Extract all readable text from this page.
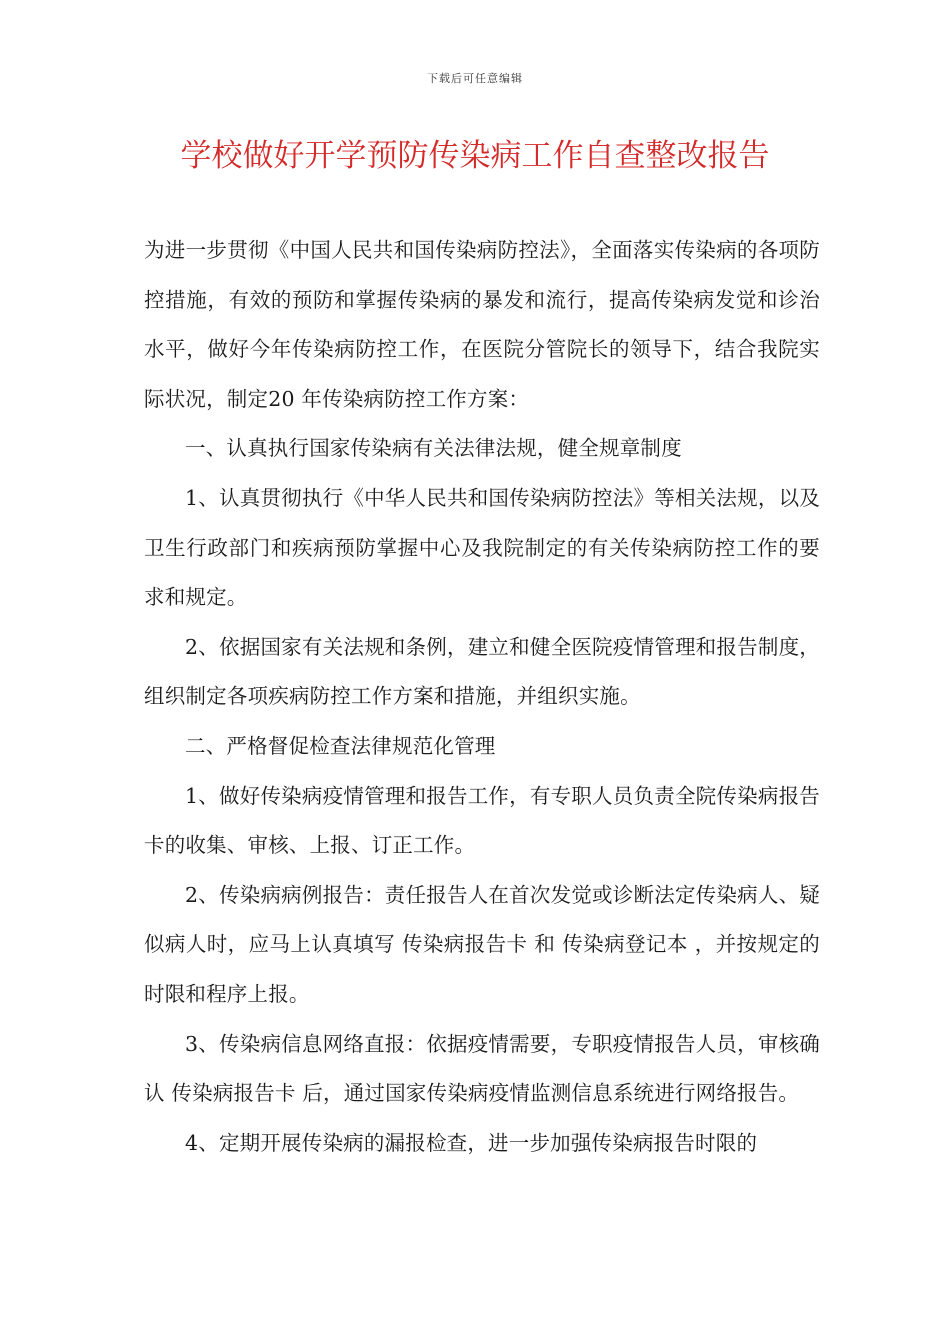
下载后可任意编辑
学校做好开学预防传染病工作自查整改报告

为进一步贯彻《中国人民共和国传染病防控法》，全面落实传染病的各项防控措施，有效的预防和掌握传染病的暴发和流行，提高传染病发觉和诊治水平，做好今年传染病防控工作，在医院分管院长的领导下，结合我院实际状况，制定20 年传染病防控工作方案：

一、认真执行国家传染病有关法律法规，健全规章制度

1、认真贯彻执行《中华人民共和国传染病防控法》等相关法规，以及卫生行政部门和疾病预防掌握中心及我院制定的有关传染病防控工作的要求和规定。

2、依据国家有关法规和条例，建立和健全医院疫情管理和报告制度，组织制定各项疾病防控工作方案和措施，并组织实施。

二、严格督促检查法律规范化管理

1、做好传染病疫情管理和报告工作，有专职人员负责全院传染病报告卡的收集、审核、上报、订正工作。

2、传染病病例报告：责任报告人在首次发觉或诊断法定传染病人、疑似病人时，应马上认真填写 传染病报告卡 和 传染病登记本 ，并按规定的时限和程序上报。

3、传染病信息网络直报：依据疫情需要，专职疫情报告人员，审核确认 传染病报告卡 后，通过国家传染病疫情监测信息系统进行网络报告。

4、定期开展传染病的漏报检查，进一步加强传染病报告时限的
